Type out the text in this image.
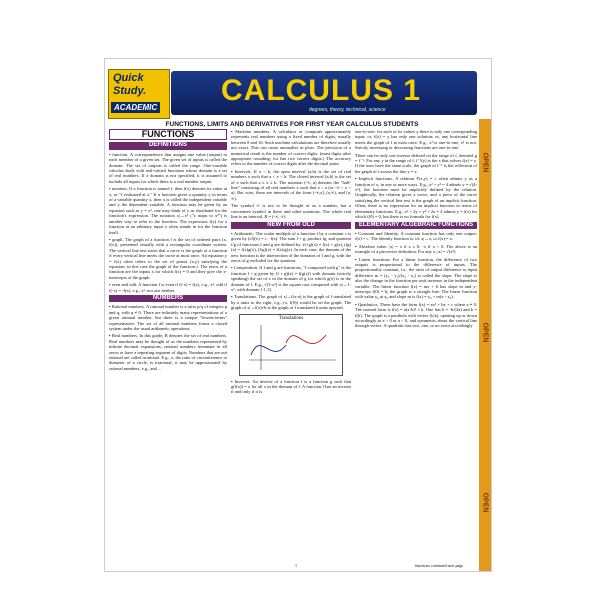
Quick
Study.
ACADEMIC
CALCULUS 1
degrees, theory, technical, science
OPEN
OPEN
OPEN
FUNCTIONS, LIMITS AND DERIVATIVES FOR FIRST YEAR CALCULUS STUDENTS
FUNCTIONS
DEFINITIONS
• function. A correspondence that assigns one value (output) to each member of a given set. The given set of inputs is called the domain. The set of outputs is called the range. One-variable calculus deals with real-valued functions whose domain is a set of real numbers. If a domain is not specified, it is assumed to include all inputs for which there is a real number output.
• notation. If a function is named f, then f(x) denotes its value at x, or "f evaluated at x." If a function gives a quantity y in terms of a variable quantity x, then x is called the independent variable and y the dependent variable. A function may be given by an equation such as y = x², one may think of y as shorthand for the function's expression. The notation x|→x² ("x maps to x²") is another way to refer to the function. The expression f(x) for a function at an arbitrary input x often stands in for the function itself.
• graph. The graph of a function f is the set of ordered pairs (x, f(x)), presented visually with a rectangular coordinate system. The vertical line test states that a curve is the graph of a function if every vertical line meets the curve at most once. An equation y = f(x) often refers to the set of points (x,y) satisfying the equation, in this case the graph of the function f. The zeros of a function are the inputs x for which f(x) = 0 and they give the x-intercepts of the graph.
• even and odd. A function f is even if f(-x) = f(x), e.g., x². odd if f(-x) = -f(x), e.g., x³. not one neither.
NUMBERS
• Rational numbers. A rational number is a ratio p/q of integers p and q, with q ≠ 0. There are infinitely many representations of a given rational number, but there is a unique "lowest-terms" representative. The set of all rational numbers forms a closed system under the usual arithmetic operations.
• Real numbers. In this guide, R denotes the set of real numbers. Real numbers may be thought of as the numbers represented by infinite decimal expansions; rational numbers terminate in all zeros or have a repeating segment of digits. Numbers that are not rational are called irrational. E.g., π, the ratio of circumference to diameter of a circle, is irrational; it may be approximated by rational numbers, e.g., and ...
• Machine numbers. A calculator or computer approximately represents real numbers using a fixed number of digits, usually between 8 and 16. Such machine calculations are therefore usually not exact. This can cause anomalies in plots. The precision of a numerical result is the number of correct digits. (must digits after appropriate rounding; for has two correct digits.) The accuracy refers to the number of correct digits after the decimal point.
• Intervals. If a < b, the open interval (a,b) is the set of real numbers x such that a < x < b. The closed interval [a,b] is the set of x such that a ≤ x ≤ b. The notation (-∞, a) denotes the "half-line" consisting of all real numbers x such that x < a (or -∞ < x < a). But wise, there are intervals of the form (-∞,a], (a,∞), and [a, ∞).
The symbol ∞ is not to be thought of as a number, but a convenient symbol in these and other notations. The whole real line is an interval, R = (-∞, ∞).
NEW FROM OLD
• Arithmetic. The scalar multiple of a function f by a constant c is given by (cf)(x) = c · f(x). The sum f + g, product fg, and quotient f/g of functions f and g are defined by: (f+g)(x) = f(x) + g(x), (fg)(x) = f(x)g(x), (f/g)(x) = f(x)/g(x). In each case, the domain of the new function is the intersection of the domains of f and g, with the zeros of g excluded for the quotient.
• Composition. If f and g are functions, "f composed with g" is the function f ∘ g given by (f ∘ g)(x) = f(g(x)) with domain (strictly speaking) the set of x in the domain of g for which g(x) is in the domain of f. E.g., √(1-x²) is the square root composed with x|→1-x², with domain [-1,1].
• Translations. The graph of x|→f(x-a) is the graph of f translated by a units to the right, e.g., (x, f(0)) would be on the graph. The graph of x|→f(x)+b is the graph of f translated b units upward.
Translations
• Inverses. An inverse of a function f is a function g such that g(f(x)) = x for all x in the domain of f. A function f has an inverse if and only if it is
one-to-one: for each of its values y there is only one corresponding input; or, f(x) = y has only one solution; or, any horizontal line meets the graph of f at most once. E.g., x³ is one-to-one, x² is not. Strictly increasing or decreasing functions are one-to-one.
There can be only one inverse defined on the range of f, denoted g = f⁻¹. For any y in the range of f, f⁻¹(y) is the x that solves f(x) = y. If the axes have the same scale, the graph of f⁻¹ is the reflection of the graph of f across the line y = x.
• Implicit functions. A relation F(x,y) = c often admits y as a function of x, in one or more ways. E.g., x² + y² = 4 admits y = √(4-x²), the function must be implicitly defined by the relation. Graphically, the relation gives a curve, and a piece of the curve satisfying the vertical line test is the graph of an implicit function. Often, there is no expression for an implicit function in terms of elementary functions. E.g., x² + 2y + y² + 2x = 4 admits y = f(x) for which f(0) = 0, but there is no formula for f(x).
ELEMENTARY ALGEBRAIC FUNCTIONS
• Constant and Identity. A constant function has only one output: f(x) = c. The identity function is: id: x|→x, or f(x) = x.
• Absolute value. |x| = x if x ≥ 0, -x if x < 0. The above is an example of a piecewise definition. For any x, |x| = √(x²).
• Linear functions. For a linear function, the difference of two outputs is proportional to the difference of inputs. The proportionality constant, i.e., the ratio of output difference to input difference m = (y₂ - y₁)/(x₂ - x₁) is called the slope. The slope is also the change in the function per unit increase in the independent variable. The linear function f(x) = mx + b has slope m and y-intercept f(0) = b; the graph is a straight line. The linear function with value y₀ at x₀ and slope m is f(x) = y₀ + m(x - x₀).
• Quadratics. These have the form f(x) = ax² + bx + c where a ≠ 0. The normal form is f(x) = a(x-h)² + k. One has h = -b/(2a) and k = f(h). The graph is a parabola with vertex (h,k), opening up or down accordingly as a > 0 or a < 0, and symmetric about the vertical line through vertex. A quadratic has two, one, or no zeros accordingly
1	functions continued next page
